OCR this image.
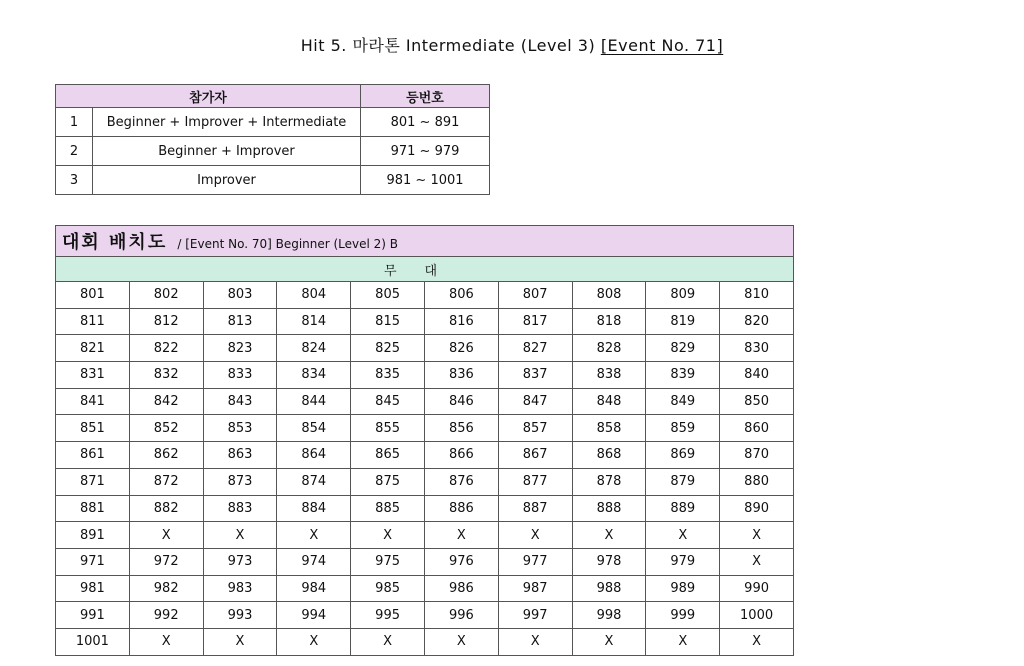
Hit 5. 마라톤 Intermediate (Level 3) [Event No. 71]
참가자		등번호
1	Beginner + Improver + Intermediate	801 ~ 891
2	Beginner + Improver	971 ~ 979
3	Improver	981 ~ 1001
대회 배치도 / [Event No. 70] Beginner (Level 2) B									
무대									
801	802	803	804	805	806	807	808	809	810
811	812	813	814	815	816	817	818	819	820
821	822	823	824	825	826	827	828	829	830
831	832	833	834	835	836	837	838	839	840
841	842	843	844	845	846	847	848	849	850
851	852	853	854	855	856	857	858	859	860
861	862	863	864	865	866	867	868	869	870
871	872	873	874	875	876	877	878	879	880
881	882	883	884	885	886	887	888	889	890
891	X	X	X	X	X	X	X	X	X
971	972	973	974	975	976	977	978	979	X
981	982	983	984	985	986	987	988	989	990
991	992	993	994	995	996	997	998	999	1000
1001	X	X	X	X	X	X	X	X	X
